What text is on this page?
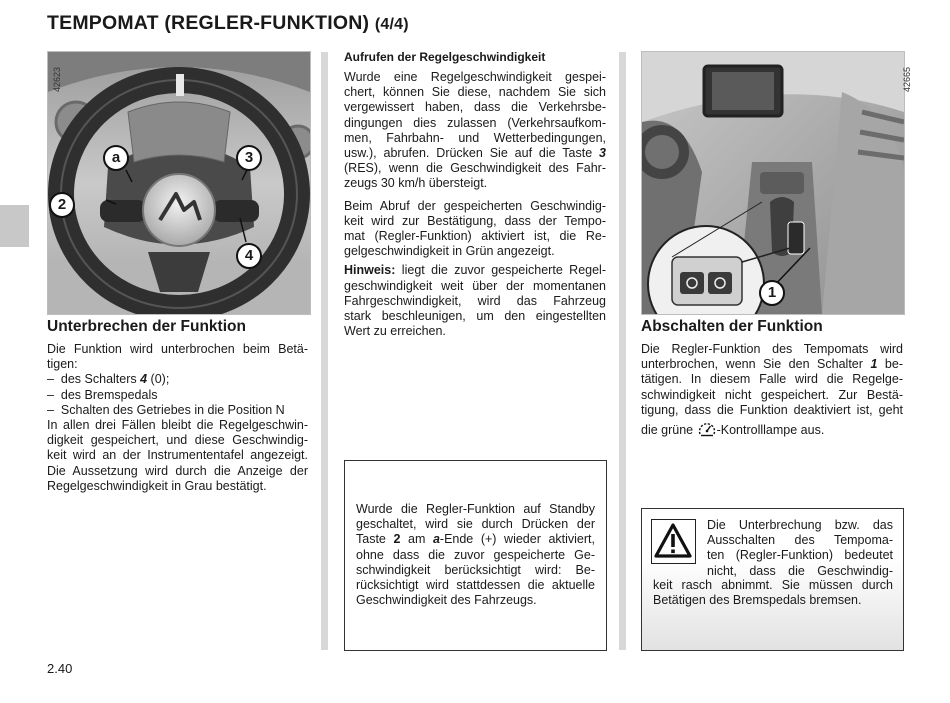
TEMPOMAT (REGLER-FUNKTION) (4/4)
42623
a	3
2
4
Unterbrechen der Funktion
Die Funktion wird unterbrochen beim Betä-
tigen:
– des Schalters 4 (0);
– des Bremspedals
– Schalten des Getriebes in die Position N
In allen drei Fällen bleibt die Regelgeschwin-
digkeit gespeichert, und diese Geschwindig-
keit wird an der Instrumententafel angezeigt.
Die Aussetzung wird durch die Anzeige der
Regelgeschwindigkeit in Grau bestätigt.
Aufrufen der Regelgeschwindigkeit
Wurde eine Regelgeschwindigkeit gespei-
chert, können Sie diese, nachdem Sie sich
vergewissert haben, dass die Verkehrsbe-
dingungen dies zulassen (Verkehrsaufkom-
men, Fahrbahn- und Wetterbedingungen,
usw.), abrufen. Drücken Sie auf die Taste 3
(RES), wenn die Geschwindigkeit des Fahr-
zeugs 30 km/h übersteigt.
Beim Abruf der gespeicherten Geschwindig-
keit wird zur Bestätigung, dass der Tempo-
mat (Regler-Funktion) aktiviert ist, die Re-
gelgeschwindigkeit in Grün angezeigt.
Hinweis: liegt die zuvor gespeicherte Regel-
geschwindigkeit weit über der momentanen
Fahrgeschwindigkeit, wird das Fahrzeug
stark beschleunigen, um den eingestellten
Wert zu erreichen.
Wurde die Regler-Funktion auf Standby
geschaltet, wird sie durch Drücken der
Taste 2 am a-Ende (+) wieder aktiviert,
ohne dass die zuvor gespeicherte Ge-
schwindigkeit berücksichtigt wird: Be-
rücksichtigt wird stattdessen die aktuelle
Geschwindigkeit des Fahrzeugs.
42665
1
Abschalten der Funktion
Die Regler-Funktion des Tempomats wird
unterbrochen, wenn Sie den Schalter 1 be-
tätigen. In diesem Falle wird die Regelge-
schwindigkeit nicht gespeichert. Zur Bestä-
tigung, dass die Funktion deaktiviert ist, geht
die grüne -Kontrolllampe aus.
Die Unterbrechung bzw. das
Ausschalten des Tempoma-
ten (Regler-Funktion) bedeutet
nicht, dass die Geschwindig-
keit rasch abnimmt. Sie müssen durch
Betätigen des Bremspedals bremsen.
2.40
